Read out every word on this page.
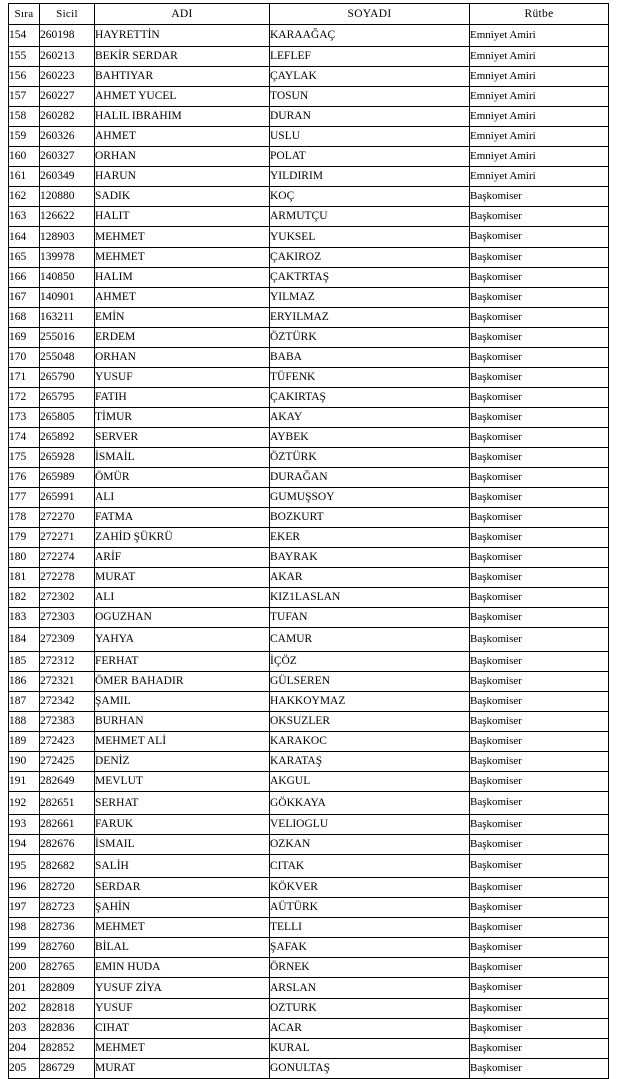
Sıra	Sicil	ADI	SOYADI	Rütbe
154	260198	HAYRETTİN	KARAAĞAÇ	Emniyet Amiri
155	260213	BEKİR SERDAR	LEFLEF	Emniyet Amiri
156	260223	BAHTIYAR	ÇAYLAK	Emniyet Amiri
157	260227	AHMET YUCEL	TOSUN	Emniyet Amiri
158	260282	HALIL IBRAHIM	DURAN	Emniyet Amiri
159	260326	AHMET	USLU	Emniyet Amiri
160	260327	ORHAN	POLAT	Emniyet Amiri
161	260349	HARUN	YILDIRIM	Emniyet Amiri
162	120880	SADIK	KOÇ	Başkomiser
163	126622	HALIT	ARMUTÇU	Başkomiser
164	128903	MEHMET	YUKSEL	Başkomiser
165	139978	MEHMET	ÇAKIROZ	Başkomiser
166	140850	HALIM	ÇAKTRTAŞ	Başkomiser
167	140901	AHMET	YILMAZ	Başkomiser
168	163211	EMİN	ERYILMAZ	Başkomiser
169	255016	ERDEM	ÖZTÜRK	Başkomiser
170	255048	ORHAN	BABA	Başkomiser
171	265790	YUSUF	TÜFENK	Başkomiser
172	265795	FATIH	ÇAKIRTAŞ	Başkomiser
173	265805	TİMUR	AKAY	Başkomiser
174	265892	SERVER	AYBEK	Başkomiser
175	265928	İSMAİL	ÖZTÜRK	Başkomiser
176	265989	ÖMÜR	DURAĞAN	Başkomiser
177	265991	ALI	GUMUŞSOY	Başkomiser
178	272270	FATMA	BOZKURT	Başkomiser
179	272271	ZAHİD ŞÜKRÜ	EKER	Başkomiser
180	272274	ARİF	BAYRAK	Başkomiser
181	272278	MURAT	AKAR	Başkomiser
182	272302	ALI	KIZ1LASLAN	Başkomiser
183	272303	OGUZHAN	TUFAN	Başkomiser
184	272309	YAHYA	CAMUR	Başkomiser
185	272312	FERHAT	İÇÖZ	Başkomiser
186	272321	ÖMER BAHADIR	GÜLSEREN	Başkomiser
187	272342	ŞAMIL	HAKKOYMAZ	Başkomiser
188	272383	BURHAN	OKSUZLER	Başkomiser
189	272423	MEHMET ALİ	KARAKOC	Başkomiser
190	272425	DENİZ	KARATAŞ	Başkomiser
191	282649	MEVLUT	AKGUL	Başkomiser
192	282651	SERHAT	GÖKKAYA	Başkomiser
193	282661	FARUK	VELIOGLU	Başkomiser
194	282676	İSMAIL	OZKAN	Başkomiser
195	282682	SALİH	CITAK	Başkomiser
196	282720	SERDAR	KÖKVER	Başkomiser
197	282723	ŞAHİN	AÜTÜRK	Başkomiser
198	282736	MEHMET	TELLI	Başkomiser
199	282760	BİLAL	ŞAFAK	Başkomiser
200	282765	EMIN HUDA	ÖRNEK	Başkomiser
201	282809	YUSUF ZİYA	ARSLAN	Başkomiser
202	282818	YUSUF	OZTURK	Başkomiser
203	282836	CIHAT	ACAR	Başkomiser
204	282852	MEHMET	KURAL	Başkomiser
205	286729	MURAT	GONULTAŞ	Başkomiser
